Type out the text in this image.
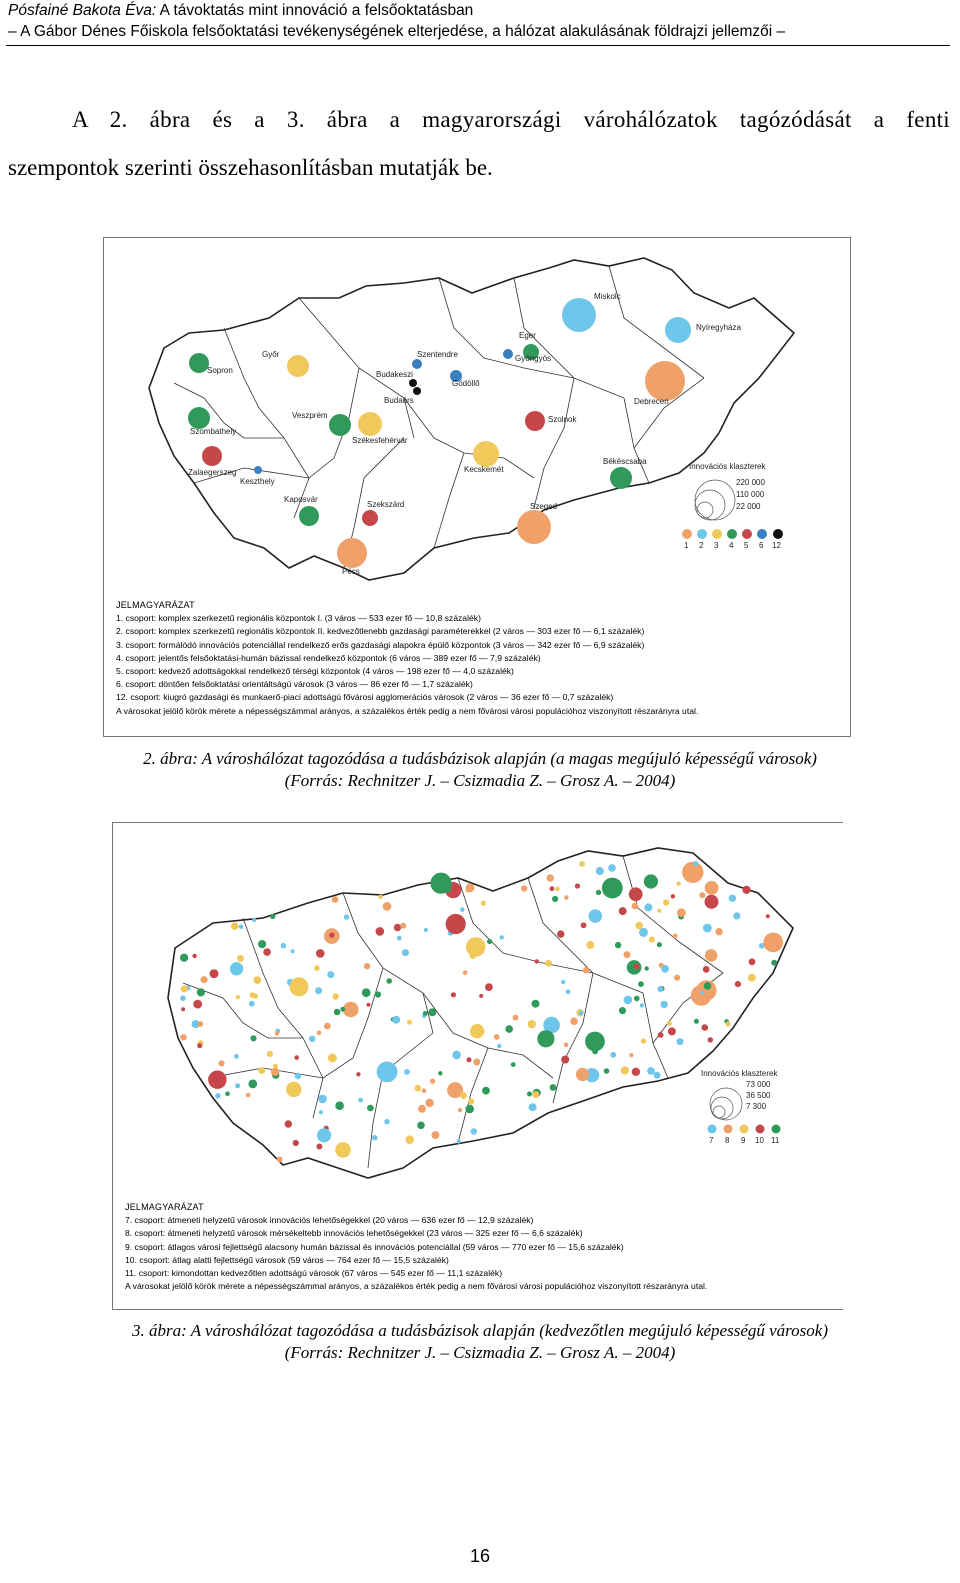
Pósfainé Bakota Éva: A távoktatás mint innováció a felsőoktatásban
– A Gábor Dénes Főiskola felsőoktatási tevékenységének elterjedése, a hálózat alakulásának földrajzi jellemzői –
A 2. ábra és a 3. ábra a magyarországi várohálózatok tagózódását a fenti
szempontok szerinti összehasonlításban mutatják be.
Miskolc
Nyíregyháza
Eger
Gyöngyös
Győr
Sopron
Szentendre
Budakeszi
Gödöllő
Budaörs
Szolnok
Debrecen
Veszprém
Szombathely
Székesfehérvár
Zalaegerszeg
Keszthely
Kecskemét
Békéscsaba
Kaposvár
Szekszárd	Szeged
Pécs
Innovációs klaszterek
220 000
110 000
22 000
1 2 3 4 5 6 12
JELMAGYARÁZAT
1. csoport: komplex szerkezetű regionális központok I. (3 város — 533 ezer fő — 10,8 százalék)
2. csoport: komplex szerkezetű regionális központok II. kedvezőtlenebb gazdasági paraméterekkel (2 város — 303 ezer fő — 6,1 százalék)
3. csoport: formálódó innovációs potenciállal rendelkező erős gazdasági alapokra épülő központok (3 város — 342 ezer fő — 6,9 százalék)
4. csoport: jelentős felsőoktatási-humán bázissal rendelkező központok (6 város — 389 ezer fő — 7,9 százalék)
5. csoport: kedvező adottságokkal rendelkező térségi központok (4 város — 198 ezer fő — 4,0 százalék)
6. csoport: döntően felsőoktatási orientáltságú városok (3 város — 86 ezer fő — 1,7 százalék)
12. csoport: kiugró gazdasági és munkaerő-piaci adottságú fővárosi agglomerációs városok (2 város — 36 ezer fő — 0,7 százalék)
A városokat jelölő körök mérete a népességszámmal arányos, a százalékos érték pedig a nem fővárosi városi populációhoz viszonyított részarányra utal.
2. ábra: A városhálózat tagozódása a tudásbázisok alapján (a magas megújuló képességű városok)
(Forrás: Rechnitzer J. – Csizmadia Z. – Grosz A. – 2004)
Innovációs klaszterek
73 000
36 500
7 300
7 8 9 10 11
JELMAGYARÁZAT
7. csoport: átmeneti helyzetű városok innovációs lehetőségekkel (20 város — 636 ezer fő — 12,9 százalék)
8. csoport: átmeneti helyzetű városok mérsékeltebb innovációs lehetőségekkel (23 város — 325 ezer fő — 6,6 százalék)
9. csoport: átlagos városi fejlettségű alacsony humán bázissal és innovációs potenciállal (59 város — 770 ezer fő — 15,6 százalék)
10. csoport: átlag alatti fejlettségű városok (59 város — 764 ezer fő — 15,5 százalék)
11. csoport: kimondottan kedvezőtlen adottságú városok (67 város — 545 ezer fő — 11,1 százalék)
A városokat jelölő körök mérete a népességszámmal arányos, a százalékos érték pedig a nem fővárosi városi populációhoz viszonyított részarányra utal.
3. ábra: A városhálózat tagozódása a tudásbázisok alapján (kedvezőtlen megújuló képességű városok)
(Forrás: Rechnitzer J. – Csizmadia Z. – Grosz A. – 2004)
16
